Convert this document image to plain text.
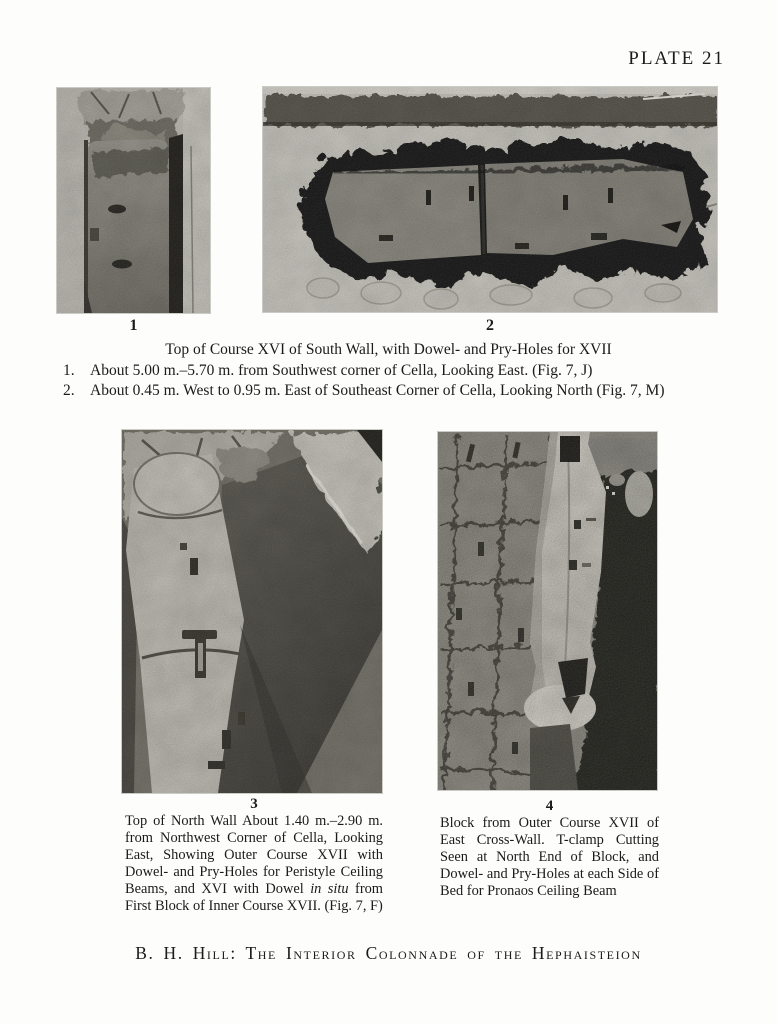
PLATE 21
1	2
Top of Course XVI of South Wall, with Dowel- and Pry-Holes for XVII
1. About 5.00 m.–5.70 m. from Southwest corner of Cella, Looking East. (Fig. 7, J)
2. About 0.45 m. West to 0.95 m. East of Southeast Corner of Cella, Looking North (Fig. 7, M)
3
Top of North Wall About 1.40 m.–2.90 m. from Northwest Corner of Cella, Looking East, Showing Outer Course XVII with Dowel- and Pry-Holes for Peristyle Ceiling Beams, and XVI with Dowel in situ from First Block of Inner Course XVII. (Fig. 7, F)
4
Block from Outer Course XVII of East Cross-Wall. T-clamp Cutting Seen at North End of Block, and Dowel- and Pry-Holes at each Side of Bed for Pronaos Ceiling Beam
B. H. Hill: The Interior Colonnade of the Hephaisteion
